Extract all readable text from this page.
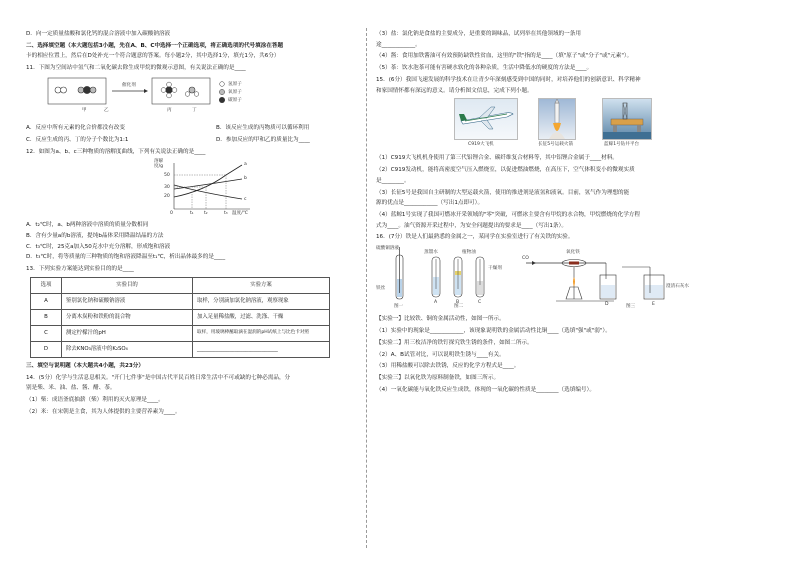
D．向一定质量盐酸和氯化钙的混合溶液中加入碳酸钠溶液
二、选择填空题（本大题包括3小题，先在A、B、C中选择一个正确选项，将正确选项的代号填涂在答题
卡的相应位置上，然后在D处补充一个符合题意的答案。每小题2分，其中选择1分，填充1分，共6分）
11．下图为空间站中氢气和二氧化碳去除生成甲烷的微观示意图，有关说法正确的是____
甲	乙
催化剂
丙	丁
氢原子
氧原子
碳原子
A．反应中所有元素的化合价都没有改变	B．该反应生成的丙物质可以循环利用
C．反应生成的丙、丁的分子个数比为1:1	D．参加反应的甲和乙的质量比为____
12．如图为a、b、c三种物质的溶解度曲线，下列有关说法正确的是____
溶解度/g
50
30
20
0	t₁ t₂	t₃ 温度/℃
a
b
c
A．t₂℃时，a、b两种溶液中溶质的质量分数相同
B．含有少量a的b溶液，提纯b晶体采用降温结晶的方法
C．t₃℃时，25克a加入50克水中充分溶解，形成饱和溶液
D．t₃℃时，将等质量的三种物质的饱和溶液降温至t₁℃，析出晶体最多的是____
13．下列实验方案能达到实验目的的是____
选项	实验目的	实验方案
A	鉴别氯化钠和硫酸钠溶液	取样，分别滴加氯化钠溶液，观察现象
B	分离木炭粉和铁粉的混合物	加入足量稀盐酸，过滤、洗涤、干燥
C	测定柠檬汁的pH	取样，用玻璃棒蘸取滴在湿润的pH试纸上与比色卡对照
D	除去KNO₃溶液中的K₂SO₄	______________________________
三、填空与说明题（本大题共4小题，共23分）
14．(5分）化学与生活息息相关。"开门七件事"是中国古代平民百姓日常生活中不可或缺的七种必需品，分
别是柴、米、油、盐、酱、醋、茶。
（1）柴：成语釜底抽薪（柴）利用的灭火原理是____。
（2）米：在宋朝是主食，其为人体提供的主要营养素为____。
（3）盐：氯化钠是食盐的主要成分，是重要的调味品，试列举在其他领域的一条用
途____________。
（4）酱：食用加铁酱油可有效预防缺铁性贫血，这里的"铁"指的是____（填"原子"或"分子"或"元素"）。
（5）茶：饮水泡茶可能有害硬水软化的各种杂质，生活中降低水的硬度的方法是____。
15．(6分）我国飞速发展的科学技术在让青少年深刻感受到中国的同时，对培养他们的创新意识、科学精神
和家国情怀都有深远的意义。请分析图文信息，完成下列小题。
C919大飞机	长征5号运载火箭	蓝鲸1号钻井平台
（1）C919大飞机机身使用了第三代铝锂合金、碳纤维复合材料等，其中铝锂合金属于____材料。
（2）C919发动机，能将高密度空气压入燃烧室，以促进燃油燃烧，在高压下，空气体积变小的微观实质
是________。
（3）长征5号是我国自主研制的大型运载火箭，使用的推进剂是液氢和液氧。目前，氢气作为理想的能
源的优点是____________（写出1点即可）。
（4）蓝鲸1号实现了我国可燃冰开采领域的"零"突破，可燃冰主要含有甲烷的水合物，甲烷燃烧的化学方程
式为____。油气资源开采过程中，为安全问题提出的要求是____（写出1条）。
16．(7分）铁是人们最熟悉的金属之一，某同学在实验室进行了有关铁的实验。
硫酸铜溶液
铁丝
图一
蒸馏水	植物油
A	B	C
干燥剂
图二
CO
氧化铁
澄清石灰水
D	E
图三
【实验一】比较铁、铜的金属活动性，如图一所示。
（1）实验中的现象是____________，该现象说明铁的金属活动性比铜____（选填"强"或"弱"）。
【实验二】用三枚洁净的铁钉探究铁生锈的条件，如图二所示。
（2）A、B试管对比，可以说明铁生锈与____有关。
（3）用稀盐酸可以除去铁锈，反应的化学方程式是____。
【实验三】以氧化铁为原料制备铁，如图三所示。
（4）一氧化碳能与氧化铁反应生成铁，体现的一氧化碳的性质是________（选填编号）。
